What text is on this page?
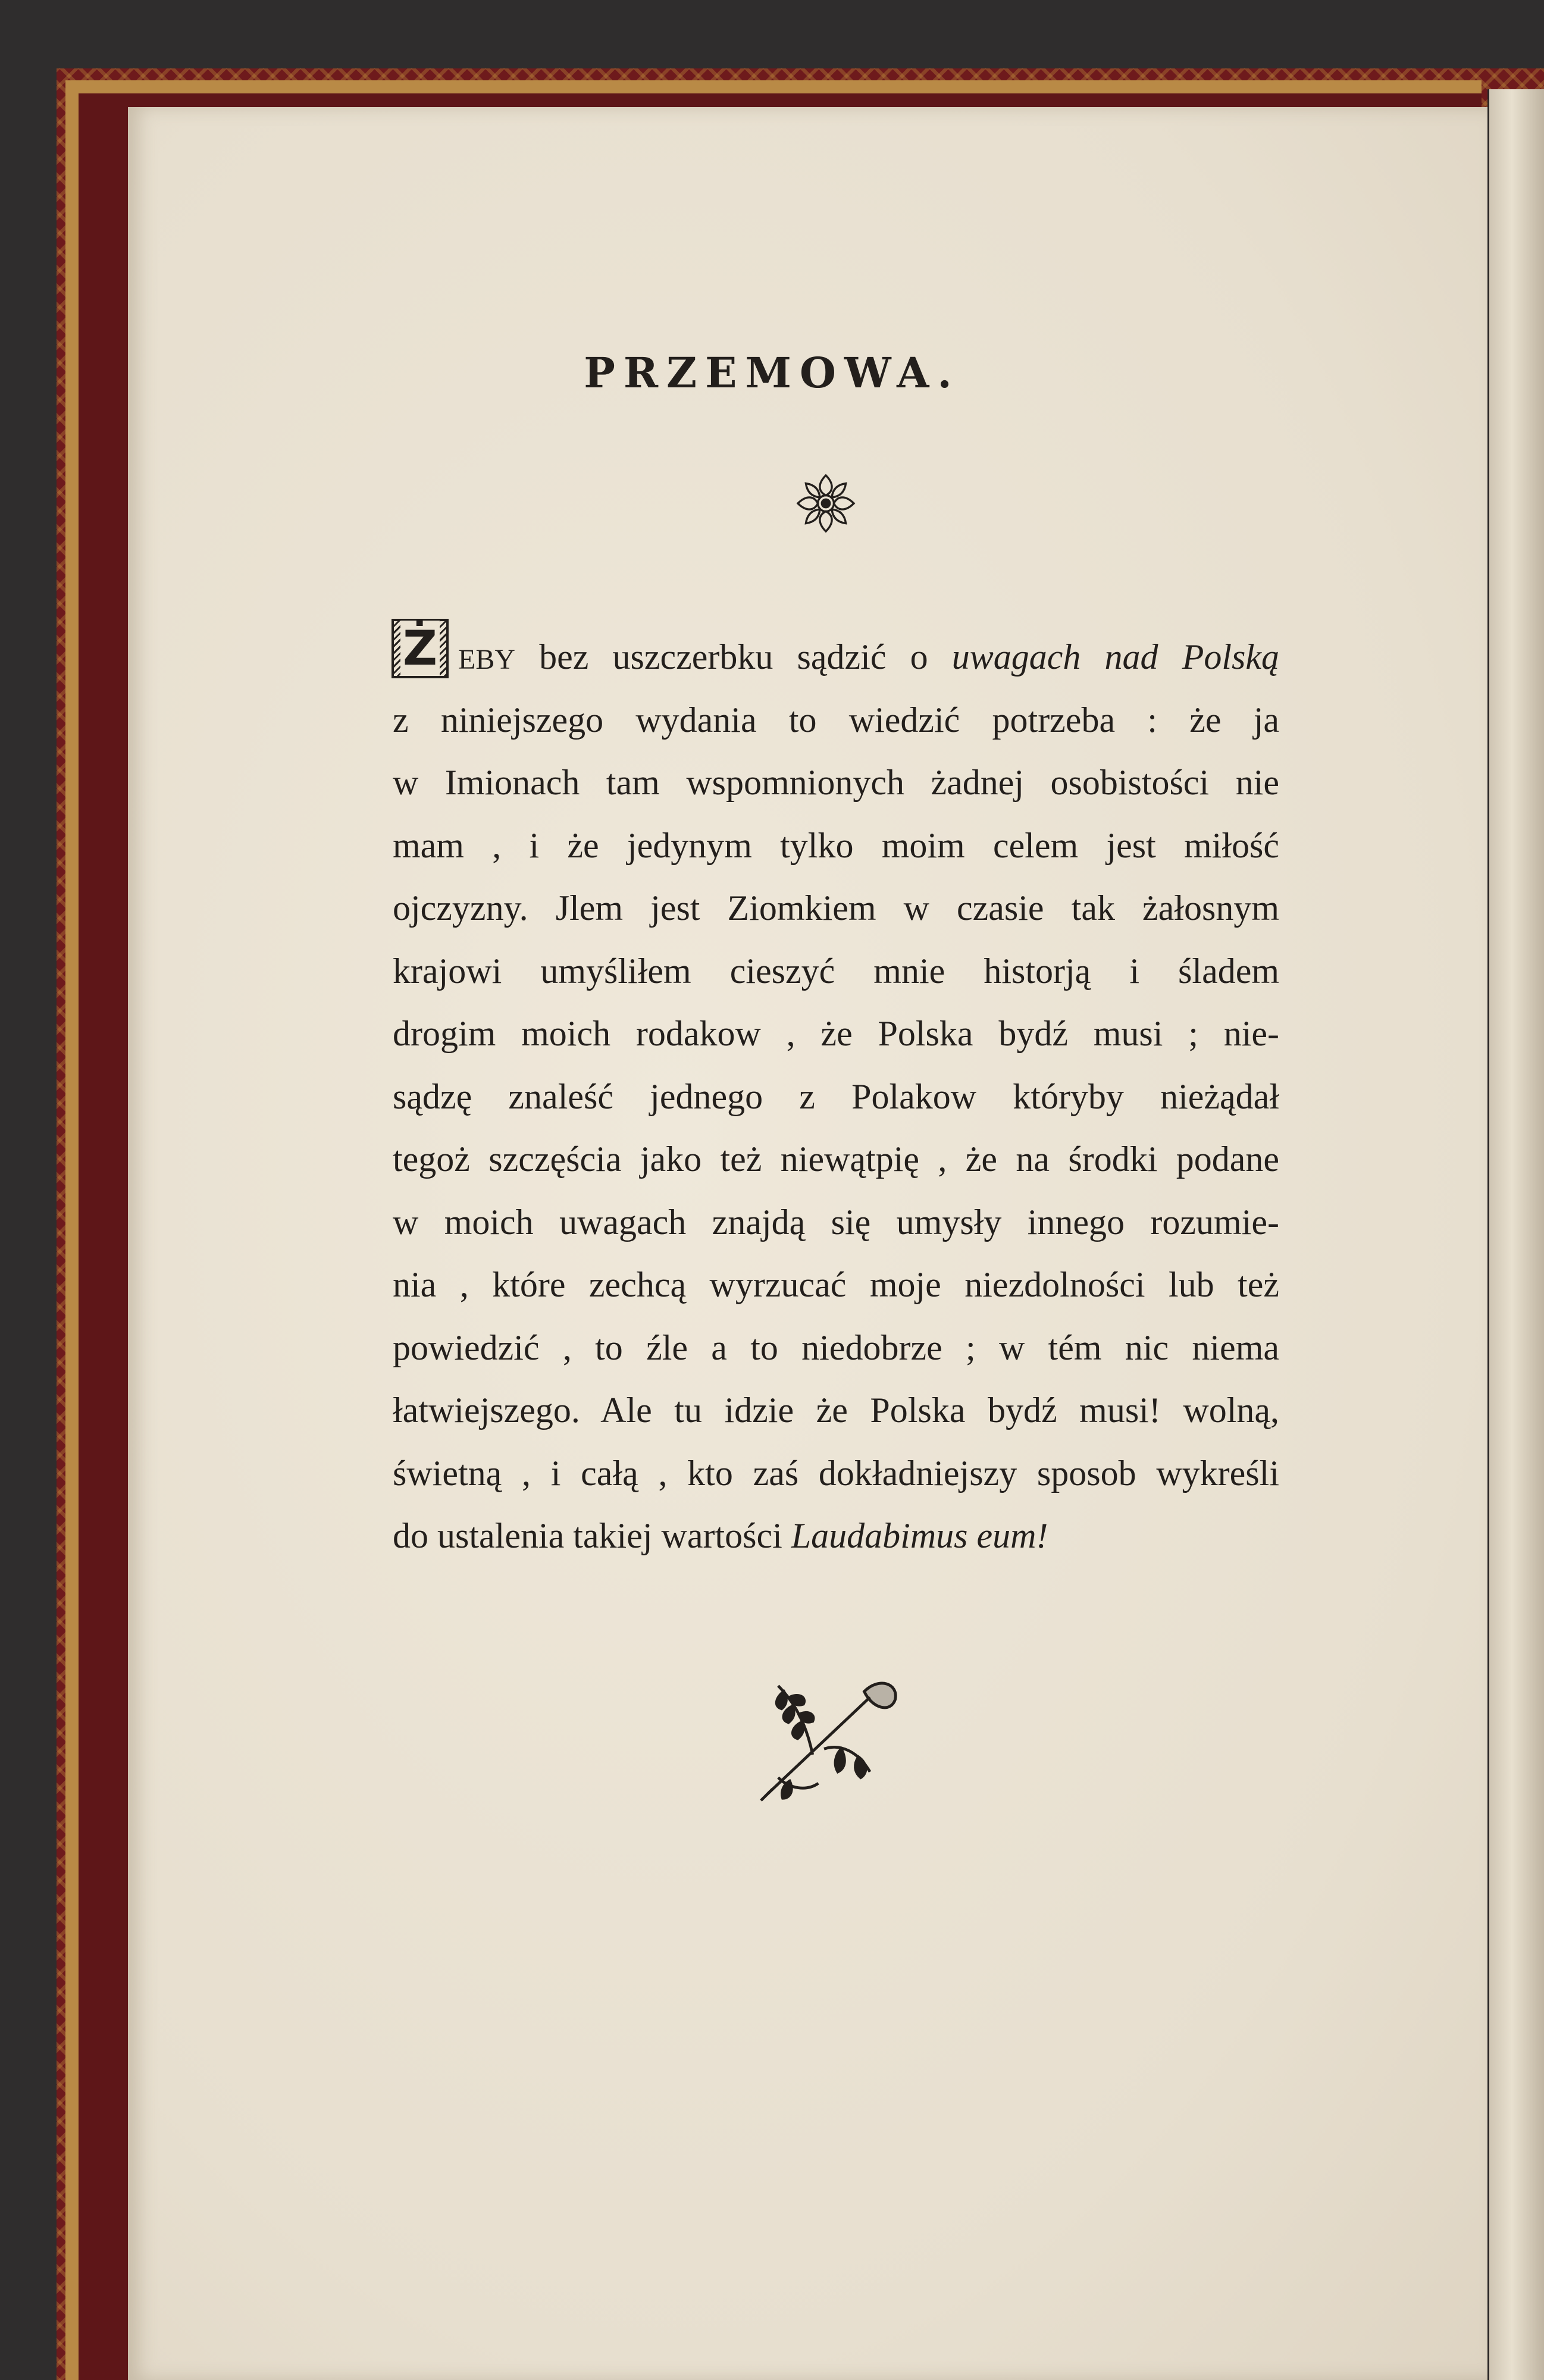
PRZEMOWA.
Ż EBY bez uszczerbku sądzić o uwagach nad Polską
z niniejszego wydania to wiedzić potrzeba : że ja
w Imionach tam wspomnionych żadnej osobistości nie
mam , i że jedynym tylko moim celem jest miłość
ojczyzny. Jlem jest Ziomkiem w czasie tak żałosnym
krajowi umyśliłem cieszyć mnie historją i śladem
drogim moich rodakow , że Polska bydź musi ; nie-
sądzę znaleść jednego z Polakow któryby nieżądał
tegoż szczęścia jako też niewątpię , że na środki podane
w moich uwagach znajdą się umysły innego rozumie-
nia , które zechcą wyrzucać moje niezdolności lub też
powiedzić , to źle a to niedobrze ; w tém nic niema
łatwiejszego. Ale tu idzie że Polska bydź musi! wolną,
świetną , i całą , kto zaś dokładniejszy sposob wykreśli
do ustalenia takiej wartości Laudabimus eum!
